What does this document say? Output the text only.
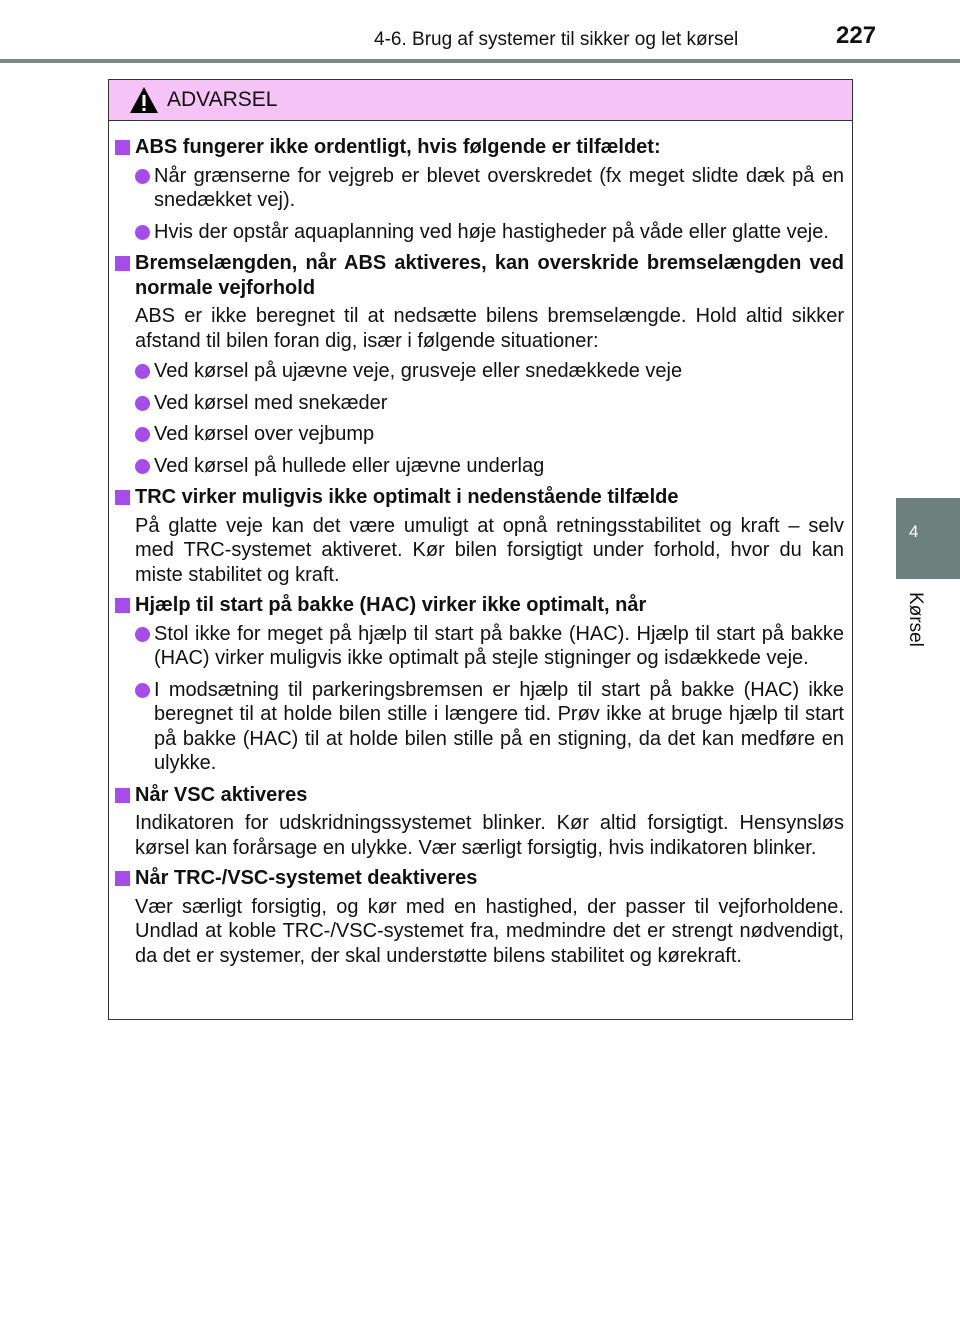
4-6. Brug af systemer til sikker og let kørsel	227
4
Kørsel
ADVARSEL
ABS fungerer ikke ordentligt, hvis følgende er tilfældet:
Når grænserne for vejgreb er blevet overskredet (fx meget slidte dæk på en snedækket vej).
Hvis der opstår aquaplanning ved høje hastigheder på våde eller glatte veje.
Bremselængden, når ABS aktiveres, kan overskride bremselængden ved normale vejforhold
ABS er ikke beregnet til at nedsætte bilens bremselængde. Hold altid sikker afstand til bilen foran dig, især i følgende situationer:
Ved kørsel på ujævne veje, grusveje eller snedækkede veje
Ved kørsel med snekæder
Ved kørsel over vejbump
Ved kørsel på hullede eller ujævne underlag
TRC virker muligvis ikke optimalt i nedenstående tilfælde
På glatte veje kan det være umuligt at opnå retningsstabilitet og kraft – selv med TRC-systemet aktiveret. Kør bilen forsigtigt under forhold, hvor du kan miste stabilitet og kraft.
Hjælp til start på bakke (HAC) virker ikke optimalt, når
Stol ikke for meget på hjælp til start på bakke (HAC). Hjælp til start på bakke (HAC) virker muligvis ikke optimalt på stejle stigninger og isdækkede veje.
I modsætning til parkeringsbremsen er hjælp til start på bakke (HAC) ikke beregnet til at holde bilen stille i længere tid. Prøv ikke at bruge hjælp til start på bakke (HAC) til at holde bilen stille på en stigning, da det kan medføre en ulykke.
Når VSC aktiveres
Indikatoren for udskridningssystemet blinker. Kør altid forsigtigt. Hensynsløs kørsel kan forårsage en ulykke. Vær særligt forsigtig, hvis indikatoren blinker.
Når TRC-/VSC-systemet deaktiveres
Vær særligt forsigtig, og kør med en hastighed, der passer til vejforholdene. Undlad at koble TRC-/VSC-systemet fra, medmindre det er strengt nødvendigt, da det er systemer, der skal understøtte bilens stabilitet og kørekraft.
